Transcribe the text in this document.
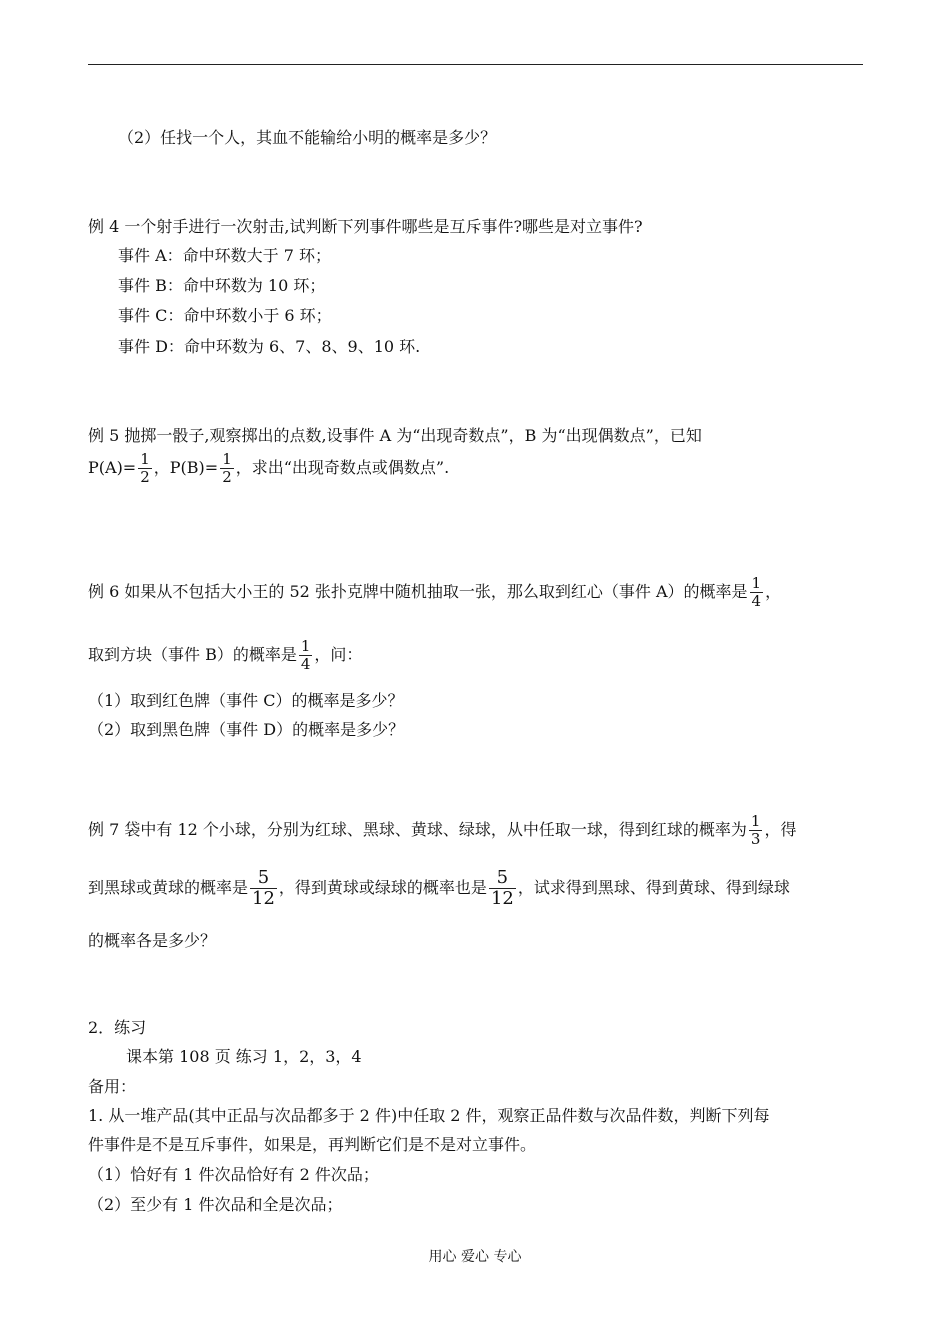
（2）任找一个人，其血不能输给小明的概率是多少？
例 4 一个射手进行一次射击,试判断下列事件哪些是互斥事件?哪些是对立事件?
事件 A：命中环数大于 7 环；
事件 B：命中环数为 10 环；
事件 C：命中环数小于 6 环；
事件 D：命中环数为 6、7、8、9、10 环.
例 5 抛掷一骰子,观察掷出的点数,设事件 A 为“出现奇数点”，B 为“出现偶数点”，已知
$P(A)= \frac{1}{2}$ ，$P(B)= \frac{1}{2}$ ，求出“出现奇数点或偶数点”.
例 6 如果从不包括大小王的 52 张扑克牌中随机抽取一张，那么取到红心（事件 A）的概率是 $\frac{1}{4}$ ，
取到方块（事件 B）的概率是 $\frac{1}{4}$ ，问：
（1）取到红色牌（事件 C）的概率是多少？
（2）取到黑色牌（事件 D）的概率是多少？
例 7 袋中有 12 个小球，分别为红球、黑球、黄球、绿球，从中任取一球，得到红球的概率为 $\frac{1}{3}$ ，得
到黑球或黄球的概率是 $\frac{5}{12}$ ，得到黄球或绿球的概率也是 $\frac{5}{12}$ ，试求得到黑球、得到黄球、得到绿球
的概率各是多少？
2．练习
课本第 108 页 练习 1，2，3，4
备用：
1. 从一堆产品(其中正品与次品都多于 2 件)中任取 2 件，观察正品件数与次品件数，判断下列每
件事件是不是互斥事件，如果是，再判断它们是不是对立事件。
（1）恰好有 1 件次品恰好有 2 件次品；
（2）至少有 1 件次品和全是次品；
用心 爱心 专心
